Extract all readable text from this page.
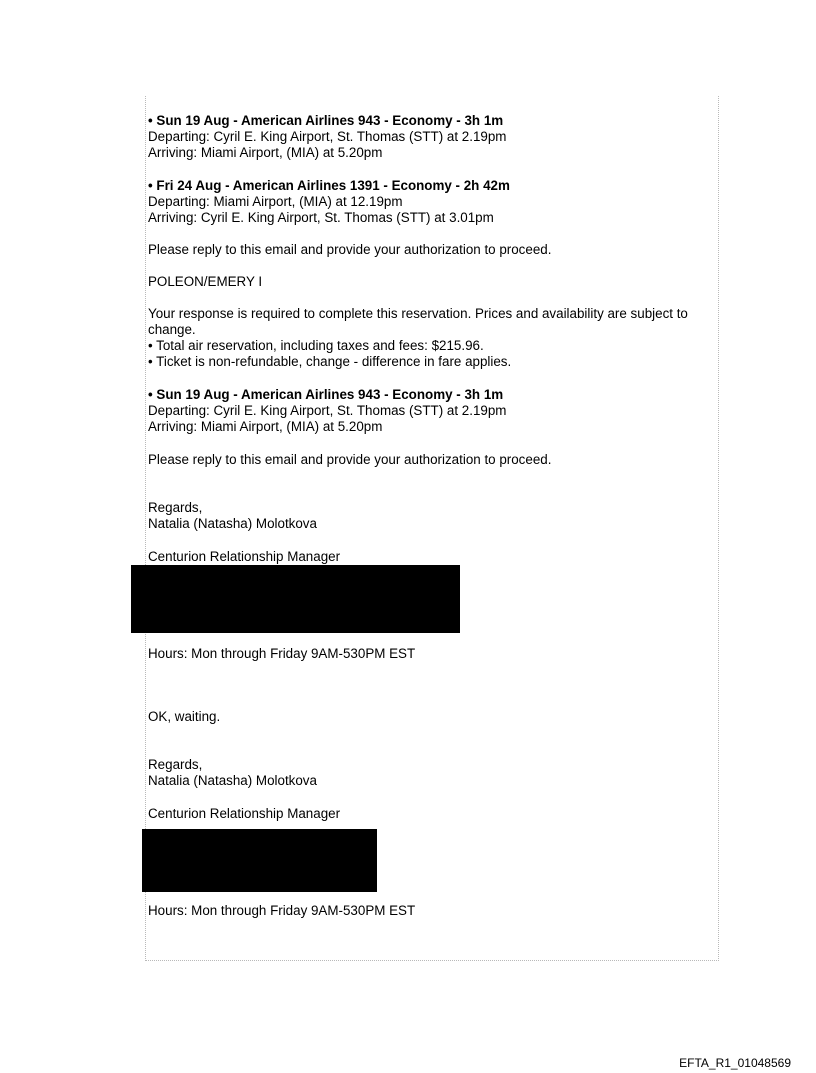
• Sun 19 Aug - American Airlines 943 - Economy - 3h 1m
Departing: Cyril E. King Airport, St. Thomas (STT) at 2.19pm
Arriving: Miami Airport, (MIA) at 5.20pm
• Fri 24 Aug - American Airlines 1391 - Economy - 2h 42m
Departing: Miami Airport, (MIA) at 12.19pm
Arriving: Cyril E. King Airport, St. Thomas (STT) at 3.01pm
Please reply to this email and provide your authorization to proceed.
POLEON/EMERY I
Your response is required to complete this reservation. Prices and availability are subject to change.
• Total air reservation, including taxes and fees: $215.96.
• Ticket is non-refundable, change - difference in fare applies.
• Sun 19 Aug - American Airlines 943 - Economy - 3h 1m
Departing: Cyril E. King Airport, St. Thomas (STT) at 2.19pm
Arriving: Miami Airport, (MIA) at 5.20pm
Please reply to this email and provide your authorization to proceed.
Regards,
Natalia (Natasha) Molotkova
Centurion Relationship Manager
Hours: Mon through Friday 9AM-530PM EST
OK, waiting.
Regards,
Natalia (Natasha) Molotkova
Centurion Relationship Manager
Hours: Mon through Friday 9AM-530PM EST
EFTA_R1_01048569
